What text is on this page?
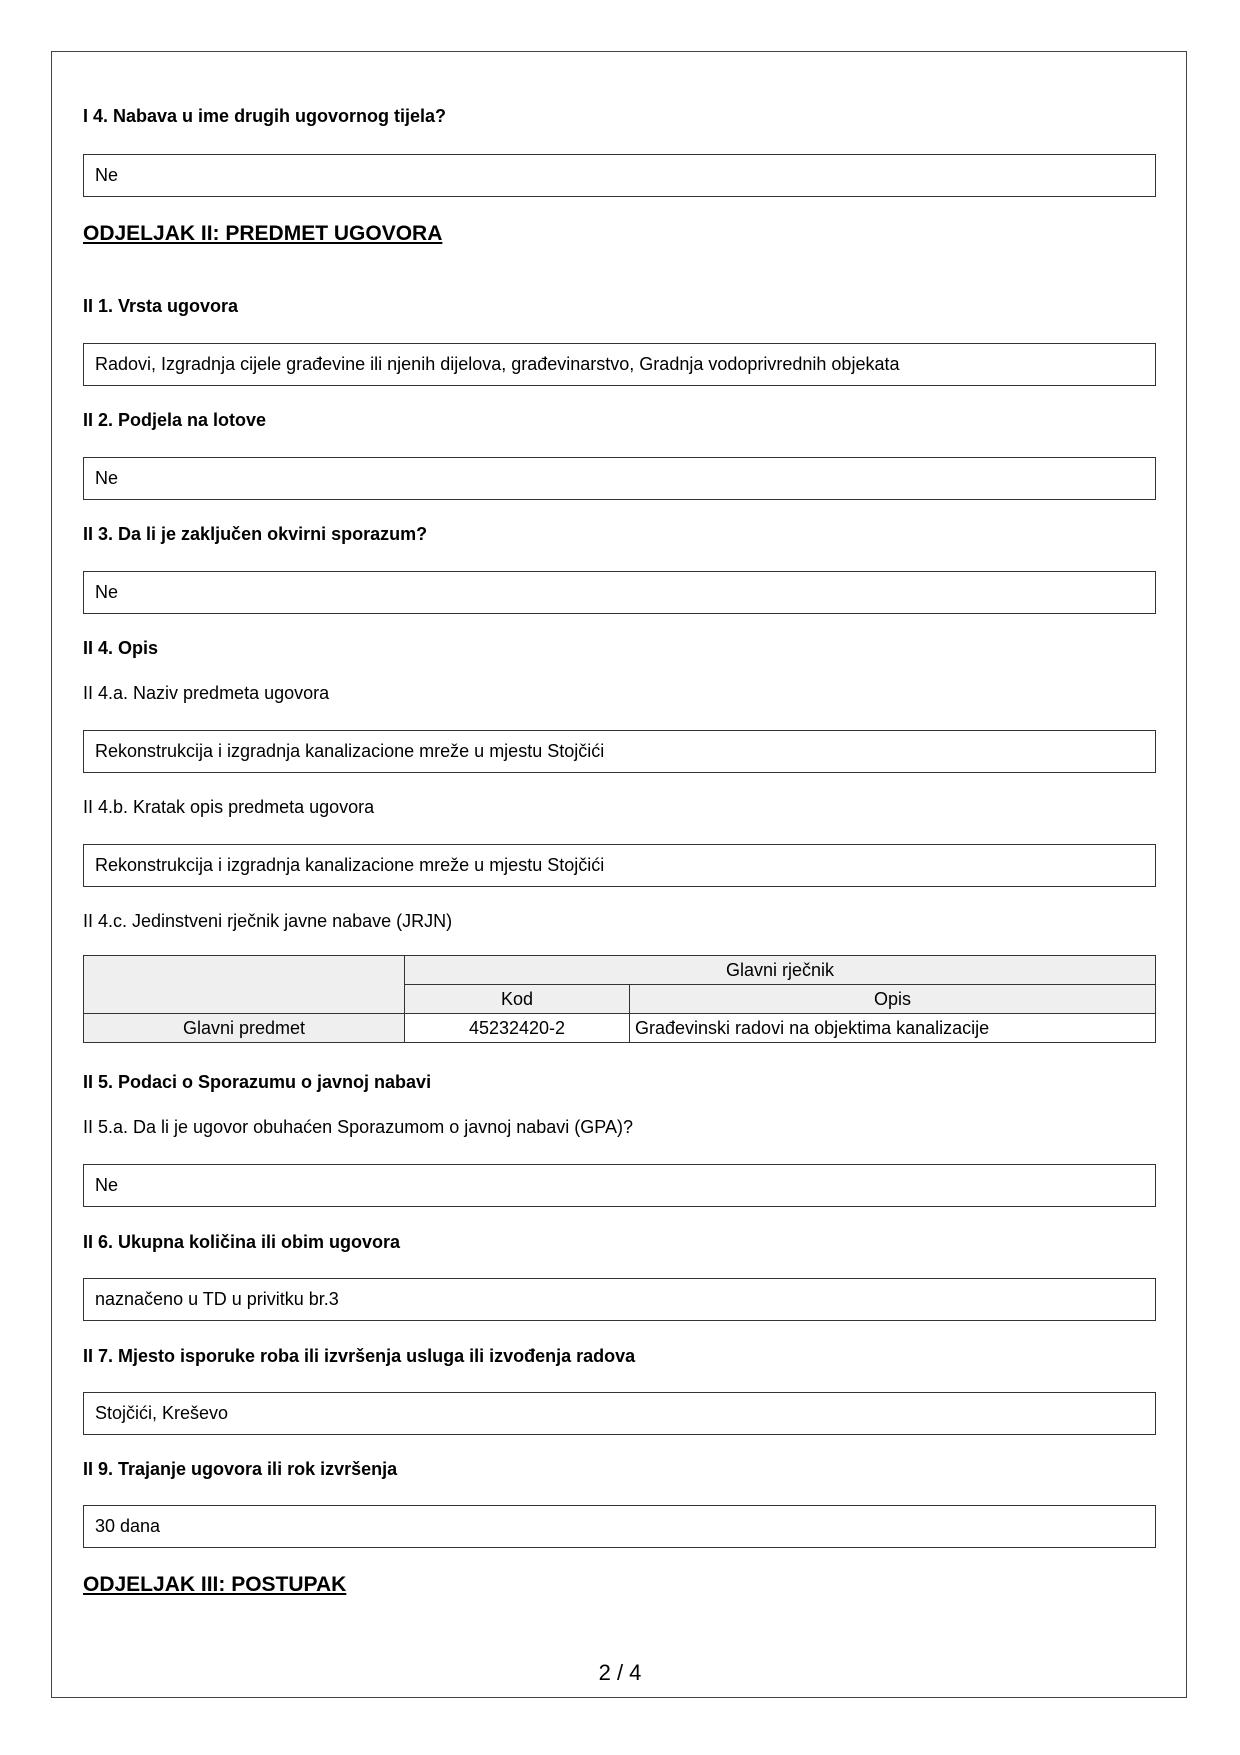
I 4. Nabava u ime drugih ugovornog tijela?
Ne
ODJELJAK II: PREDMET UGOVORA
II 1. Vrsta ugovora
Radovi, Izgradnja cijele građevine ili njenih dijelova, građevinarstvo, Gradnja vodoprivrednih objekata
II 2. Podjela na lotove
Ne
II 3. Da li je zaključen okvirni sporazum?
Ne
II 4. Opis
II 4.a. Naziv predmeta ugovora
Rekonstrukcija i izgradnja kanalizacione mreže u mjestu Stojčići
II 4.b. Kratak opis predmeta ugovora
Rekonstrukcija i izgradnja kanalizacione mreže u mjestu Stojčići
II 4.c. Jedinstveni rječnik javne nabave (JRJN)
	Glavni rječnik	
	Kod	Opis
Glavni predmet	45232420-2	Građevinski radovi na objektima kanalizacije
II 5. Podaci o Sporazumu o javnoj nabavi
II 5.a. Da li je ugovor obuhaćen Sporazumom o javnoj nabavi (GPA)?
Ne
II 6. Ukupna količina ili obim ugovora
naznačeno u TD u privitku br.3
II 7. Mjesto isporuke roba ili izvršenja usluga ili izvođenja radova
Stojčići, Kreševo
II 9. Trajanje ugovora ili rok izvršenja
30 dana
ODJELJAK III: POSTUPAK
2 / 4
